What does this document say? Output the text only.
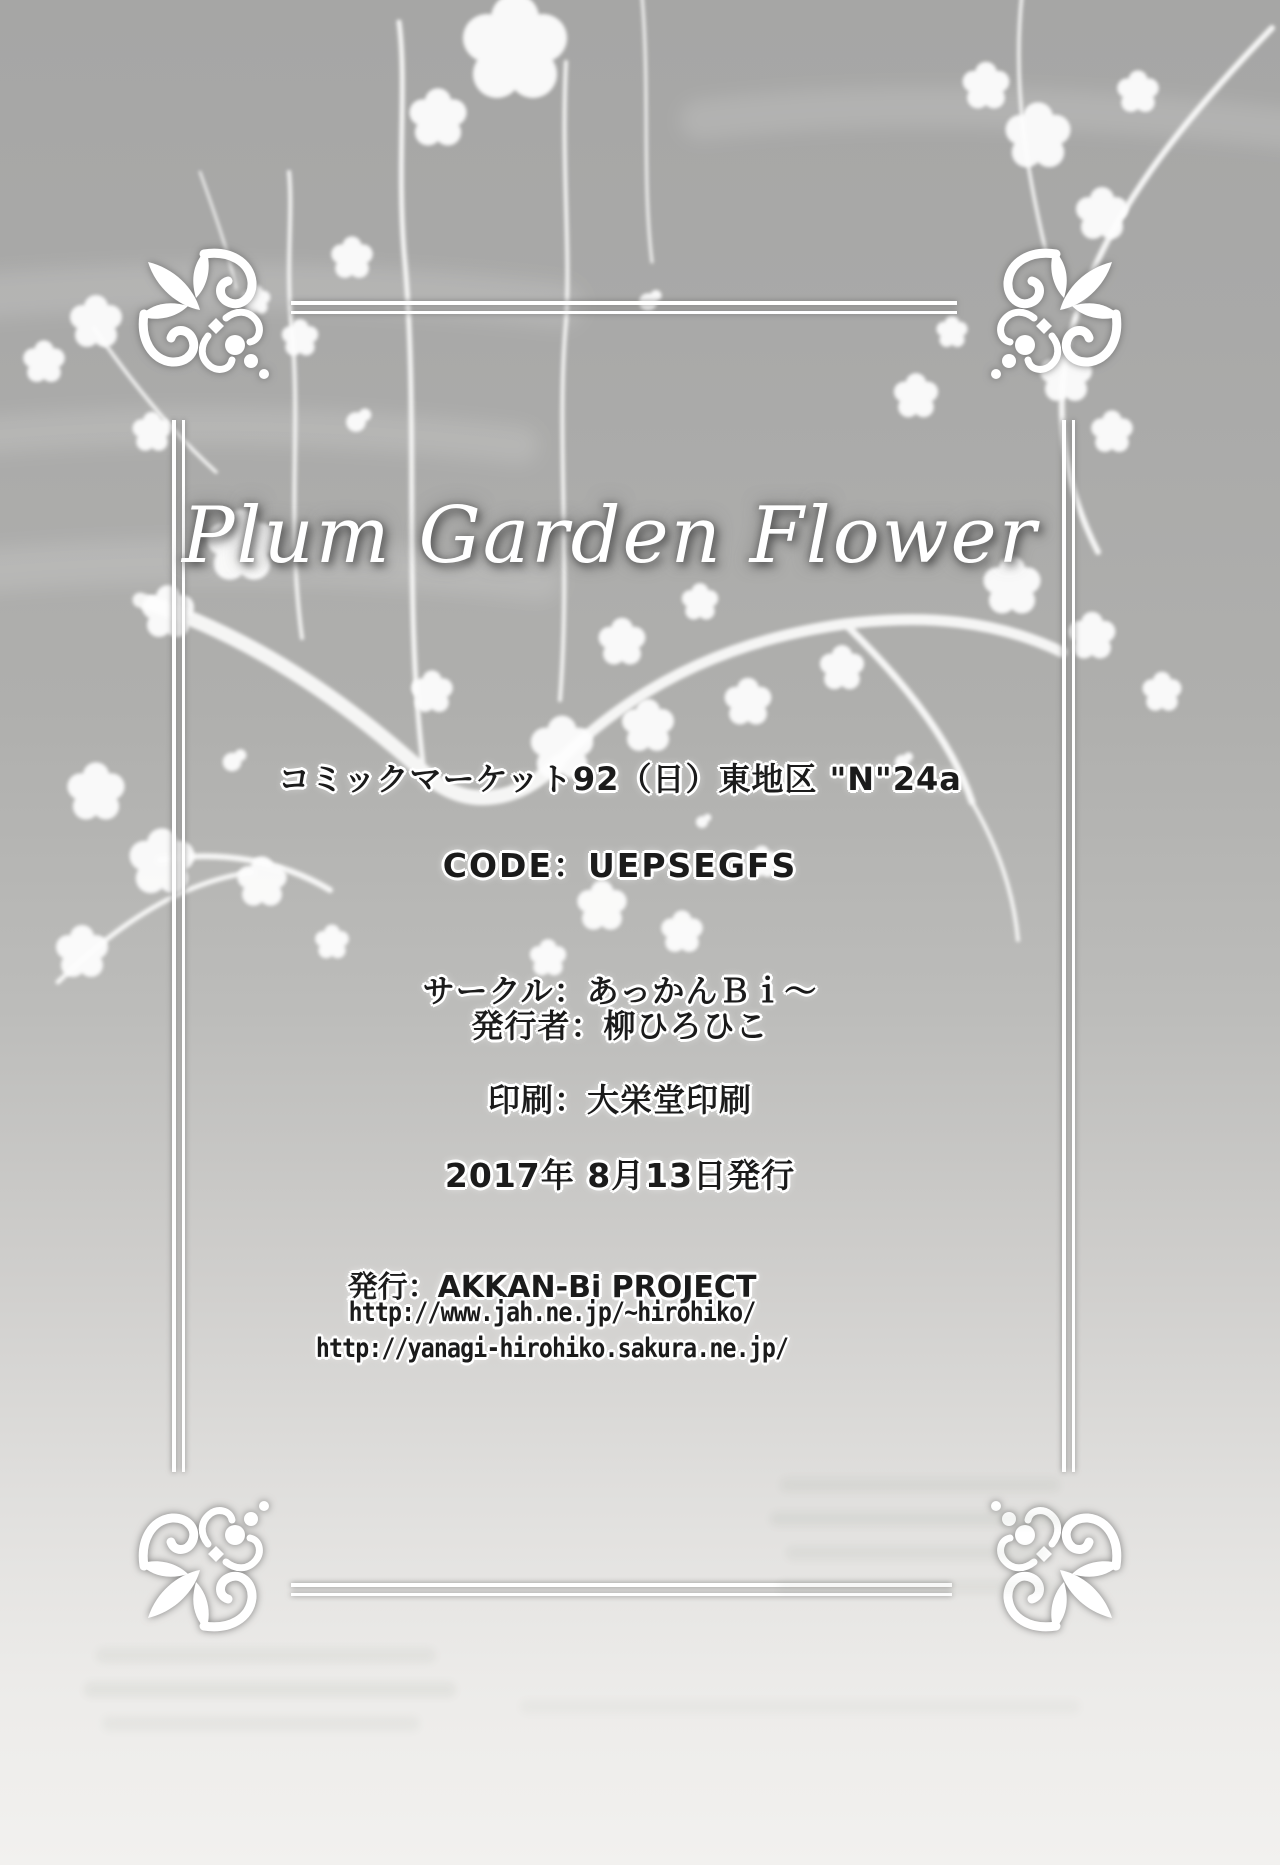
Plum Garden Flower
コミックマーケット92（日）東地区 "N"24a
CODE：UEPSEGFS
サークル：あっかんＢｉ～
発行者：柳ひろひこ
印刷：大栄堂印刷
2017年 8月13日発行
発行：AKKAN-Bi PROJECT
http://www.jah.ne.jp/~hirohiko/
http://yanagi-hirohiko.sakura.ne.jp/
